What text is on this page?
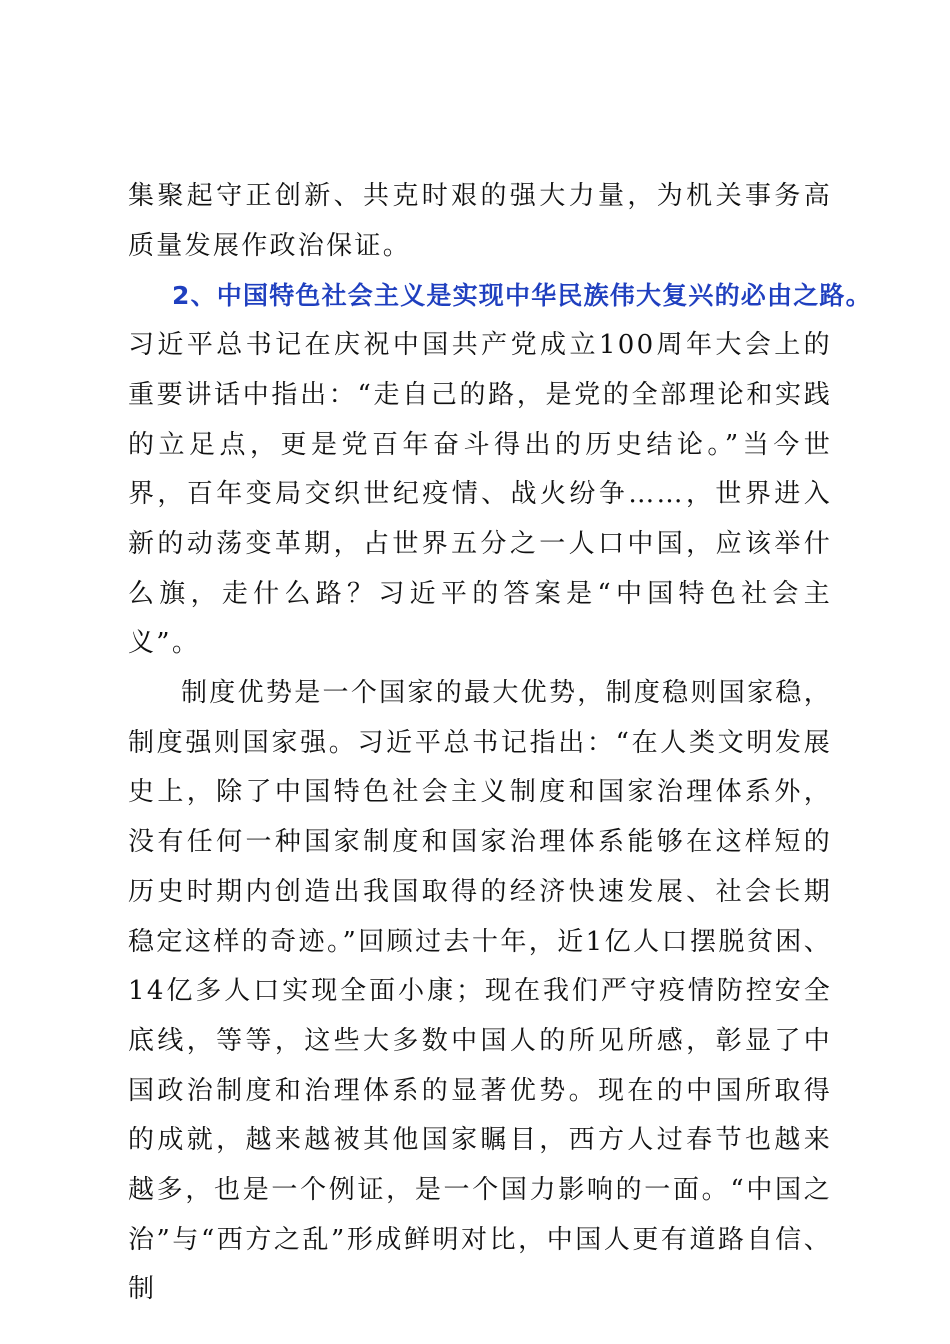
集聚起守正创新、共克时艰的强大力量，为机关事务高质量发展作政治保证。

2、中国特色社会主义是实现中华民族伟大复兴的必由之路。

习近平总书记在庆祝中国共产党成立100周年大会上的重要讲话中指出：“走自己的路，是党的全部理论和实践的立足点，更是党百年奋斗得出的历史结论。”当今世界，百年变局交织世纪疫情、战火纷争……，世界进入新的动荡变革期，占世界五分之一人口中国，应该举什么旗，走什么路？习近平的答案是“中国特色社会主义”。

制度优势是一个国家的最大优势，制度稳则国家稳，制度强则国家强。习近平总书记指出：“在人类文明发展史上，除了中国特色社会主义制度和国家治理体系外，没有任何一种国家制度和国家治理体系能够在这样短的历史时期内创造出我国取得的经济快速发展、社会长期稳定这样的奇迹。”回顾过去十年，近1亿人口摆脱贫困、14亿多人口实现全面小康；现在我们严守疫情防控安全底线，等等，这些大多数中国人的所见所感，彰显了中国政治制度和治理体系的显著优势。现在的中国所取得的成就，越来越被其他国家瞩目，西方人过春节也越来越多，也是一个例证，是一个国力影响的一面。“中国之治”与“西方之乱”形成鲜明对比，中国人更有道路自信、制
